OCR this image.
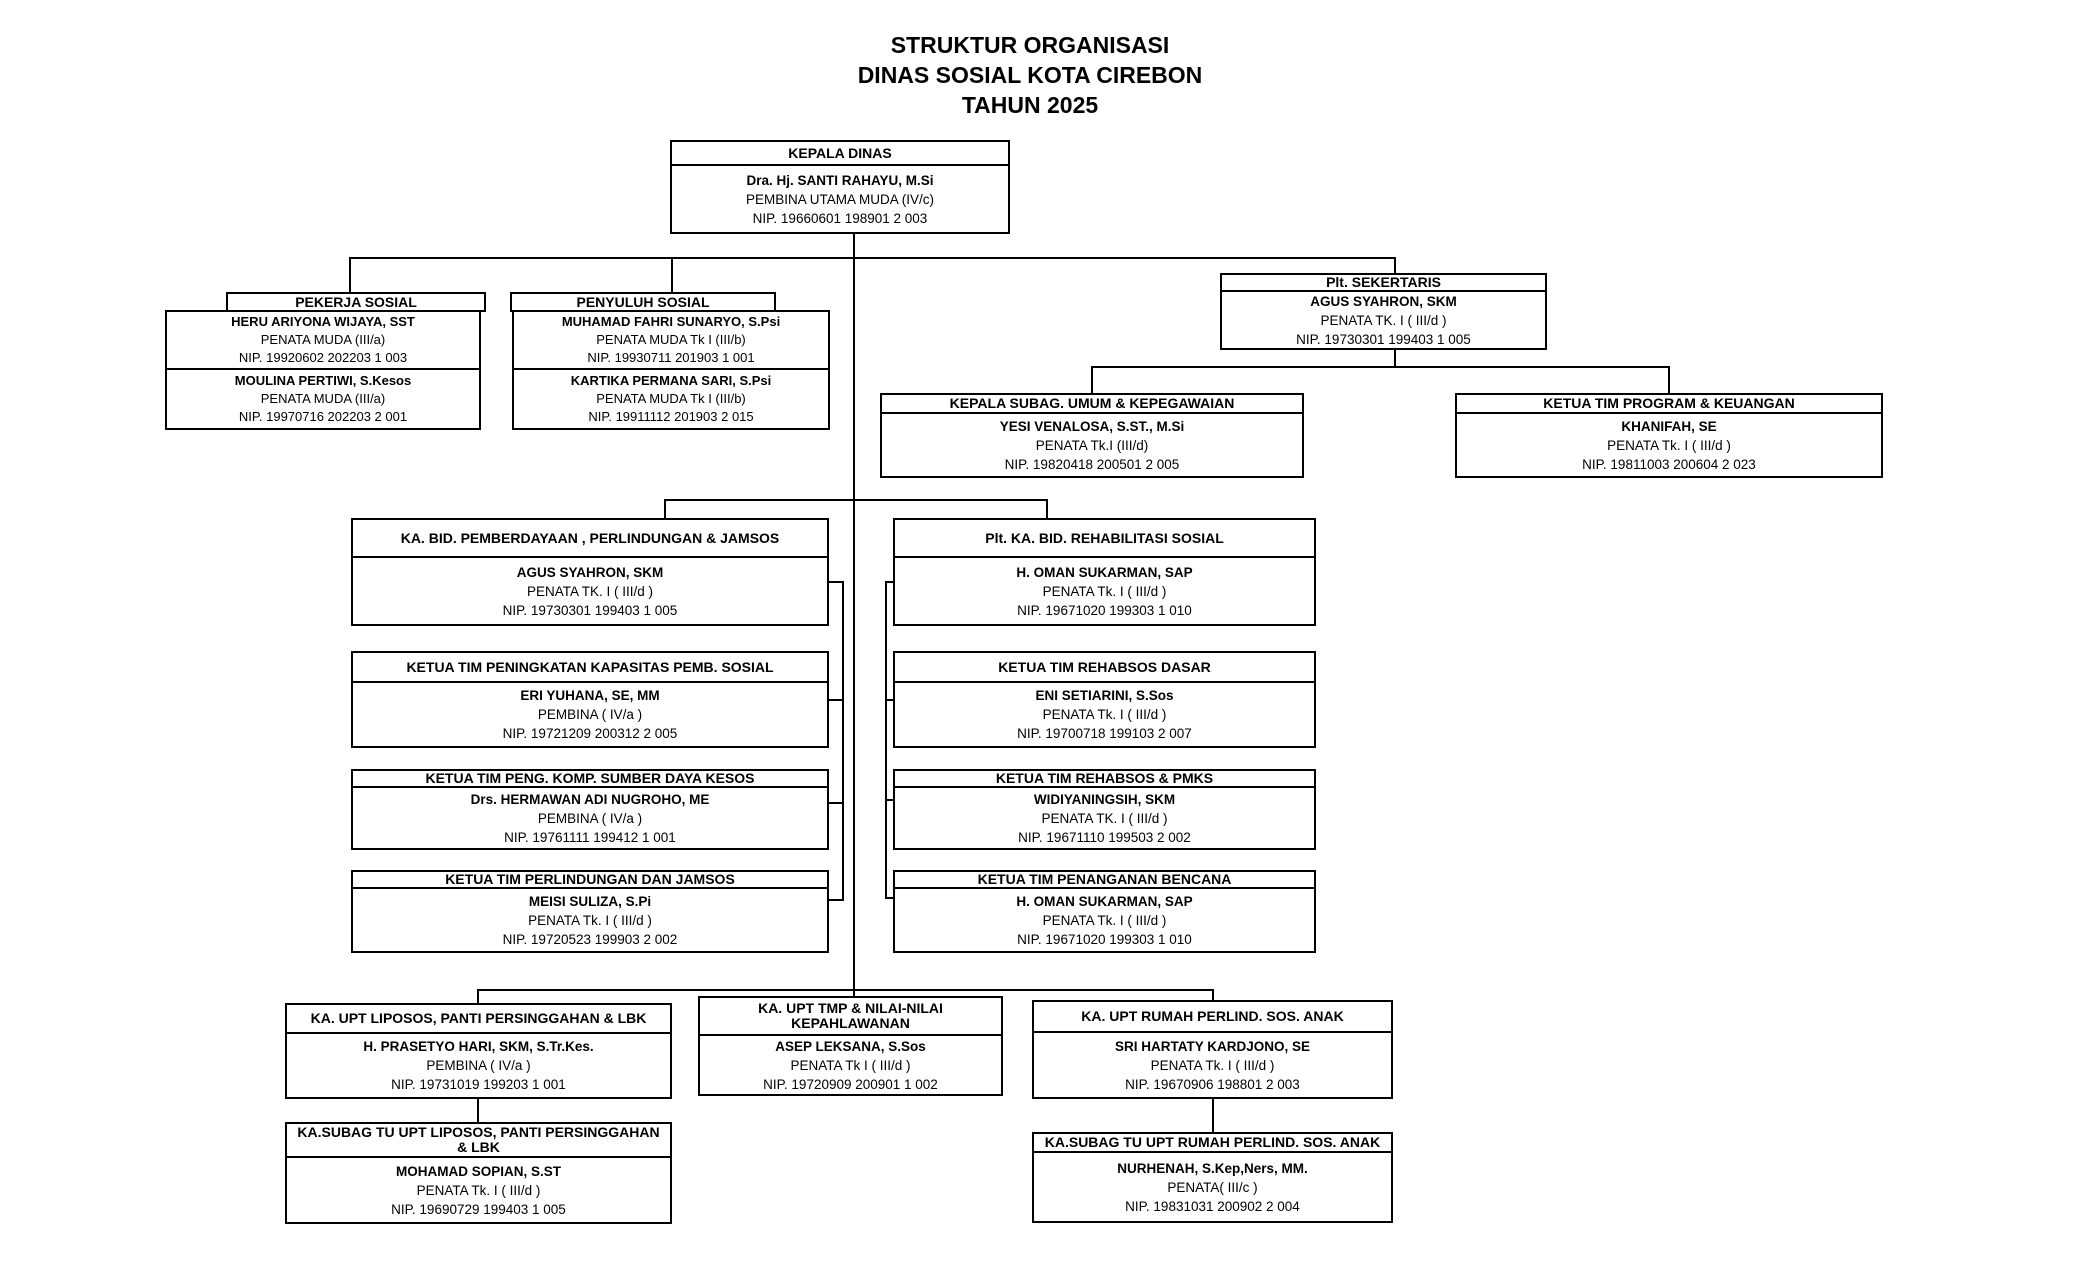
STRUKTUR ORGANISASI
DINAS SOSIAL KOTA CIREBON
TAHUN 2025
KEPALA DINAS
Dra. Hj. SANTI RAHAYU, M.Si
PEMBINA UTAMA MUDA (IV/c)
NIP. 19660601 198901 2 003
PEKERJA SOSIAL
HERU ARIYONA WIJAYA, SST
PENATA MUDA (III/a)
NIP. 19920602 202203 1 003
MOULINA PERTIWI, S.Kesos
PENATA MUDA (III/a)
NIP. 19970716 202203 2 001
PENYULUH SOSIAL
MUHAMAD FAHRI SUNARYO, S.Psi
PENATA MUDA Tk I (III/b)
NIP. 19930711 201903 1 001
KARTIKA PERMANA SARI, S.Psi
PENATA MUDA Tk I (III/b)
NIP. 19911112 201903 2 015
Plt. SEKERTARIS
AGUS SYAHRON, SKM
PENATA TK. I ( III/d )
NIP. 19730301 199403 1 005
KEPALA SUBAG. UMUM & KEPEGAWAIAN
YESI VENALOSA, S.ST., M.Si
PENATA Tk.I (III/d)
NIP. 19820418 200501 2 005
KETUA TIM PROGRAM & KEUANGAN
KHANIFAH, SE
PENATA Tk. I ( III/d )
NIP. 19811003 200604 2 023
KA. BID. PEMBERDAYAAN , PERLINDUNGAN & JAMSOS
AGUS SYAHRON, SKM
PENATA TK. I ( III/d )
NIP. 19730301 199403 1 005
Plt. KA. BID. REHABILITASI SOSIAL
H. OMAN SUKARMAN, SAP
PENATA Tk. I ( III/d )
NIP. 19671020 199303 1 010
KETUA TIM PENINGKATAN KAPASITAS PEMB. SOSIAL
ERI YUHANA, SE, MM
PEMBINA ( IV/a )
NIP. 19721209 200312 2 005
KETUA TIM REHABSOS DASAR
ENI SETIARINI, S.Sos
PENATA Tk. I ( III/d )
NIP. 19700718 199103 2 007
KETUA TIM PENG. KOMP. SUMBER DAYA KESOS
Drs. HERMAWAN ADI NUGROHO, ME
PEMBINA ( IV/a )
NIP. 19761111 199412 1 001
KETUA TIM REHABSOS & PMKS
WIDIYANINGSIH, SKM
PENATA TK. I ( III/d )
NIP. 19671110 199503 2 002
KETUA TIM PERLINDUNGAN DAN JAMSOS
MEISI SULIZA, S.Pi
PENATA Tk. I ( III/d )
NIP. 19720523 199903 2 002
KETUA TIM PENANGANAN BENCANA
H. OMAN SUKARMAN, SAP
PENATA Tk. I ( III/d )
NIP. 19671020 199303 1 010
KA. UPT LIPOSOS, PANTI PERSINGGAHAN & LBK
H. PRASETYO HARI, SKM, S.Tr.Kes.
PEMBINA ( IV/a )
NIP. 19731019 199203 1 001
KA. UPT TMP & NILAI-NILAI KEPAHLAWANAN
ASEP LEKSANA, S.Sos
PENATA Tk I ( III/d )
NIP. 19720909 200901 1 002
KA. UPT RUMAH PERLIND. SOS. ANAK
SRI HARTATY KARDJONO, SE
PENATA Tk. I ( III/d )
NIP. 19670906 198801 2 003
KA.SUBAG TU UPT LIPOSOS, PANTI PERSINGGAHAN & LBK
MOHAMAD SOPIAN, S.ST
PENATA Tk. I ( III/d )
NIP. 19690729 199403 1 005
KA.SUBAG TU UPT RUMAH PERLIND. SOS. ANAK
NURHENAH, S.Kep,Ners, MM.
PENATA( III/c )
NIP. 19831031 200902 2 004
